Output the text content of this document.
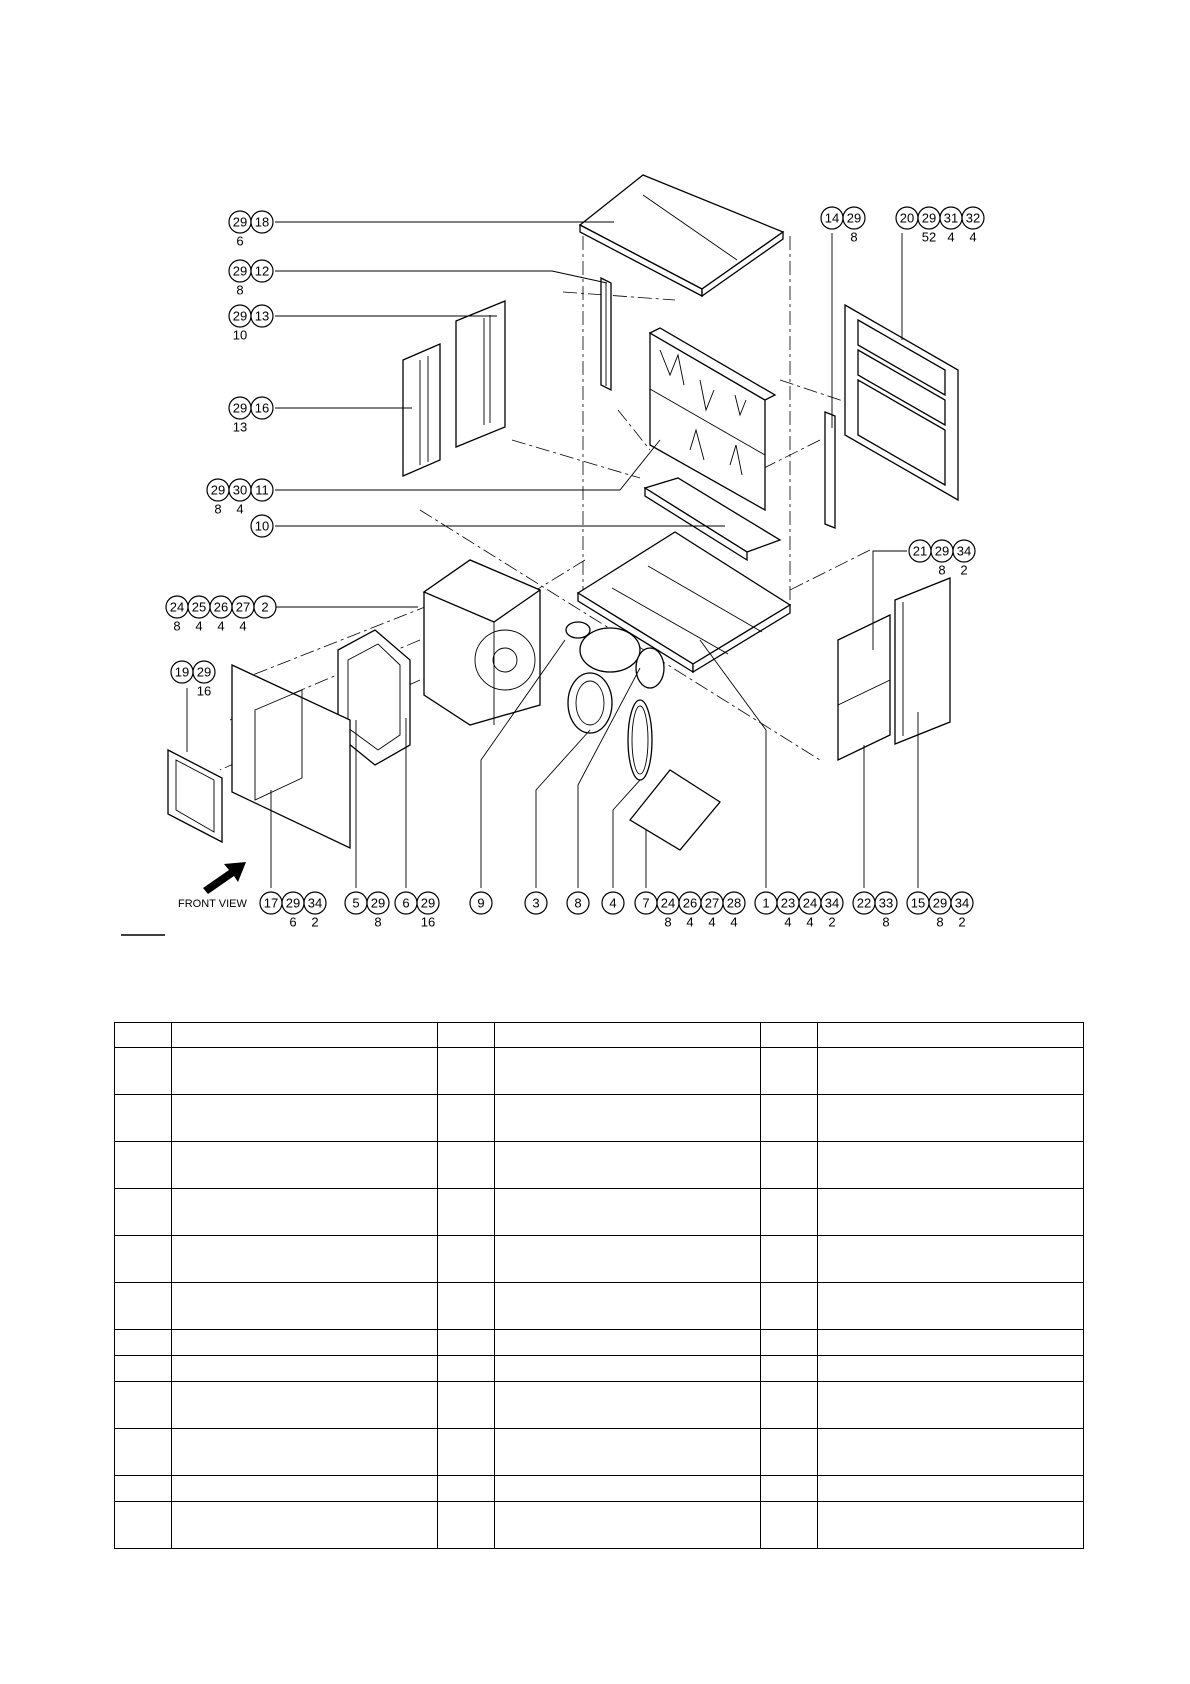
29 18
6
29 12
8
29 13
10
29 16
13
29 30 11
8 4
10
24 25 26 27 2
8 4 4 4
19 29
16
14 29
8
20 29 31 32
52 4 4
21 29 34
8 2
17 29 34
6 2
5 29
8
6 29
16
9	3	8 4 7 24 26 27 28
8 4 4 4
1 23 24 34
4 4 2
22 33
8
15 29 34
8 2
FRONT VIEW
